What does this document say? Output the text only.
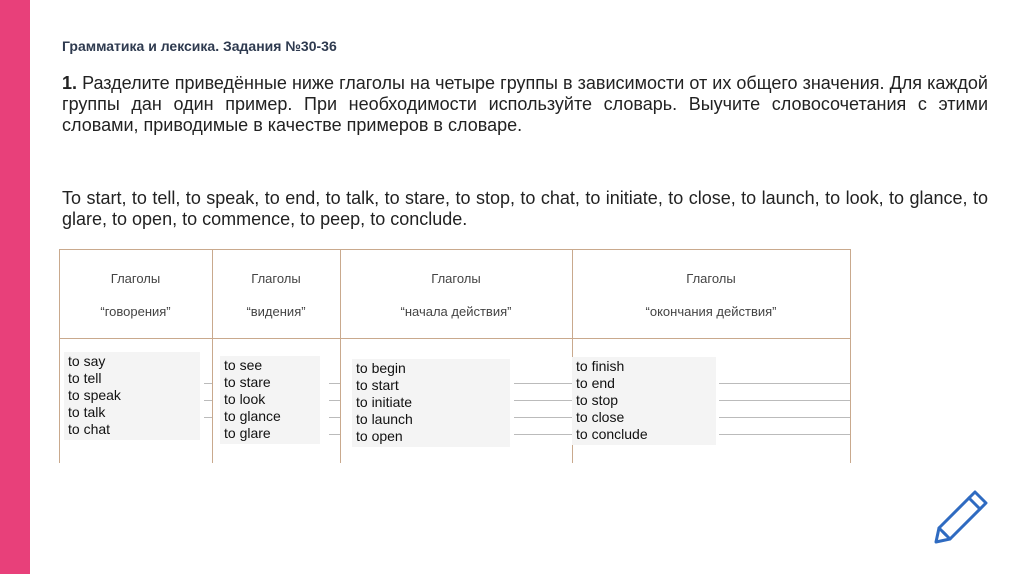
Грамматика и лексика. Задания №30-36
1. Разделите приведённые ниже глаголы на четыре группы в зависимости от их общего значения. Для каждой группы дан один пример. При необходимости используйте словарь. Выучите словосочетания с этими словами, приводимые в качестве примеров в словаре.
To start, to tell, to speak, to end, to talk, to stare, to stop, to chat, to initiate, to close, to launch, to look, to glance, to glare, to open, to commence, to peep, to conclude.
Глаголы
“говорения”
Глаголы
“видения”
Глаголы
“начала действия”
Глаголы
“окончания действия”
to say
to tell
to speak
to talk
to chat
to see
to stare
to look
to glance
to glare
to begin
to start
to initiate
to launch
to open
to finish
to end
to stop
to close
to conclude
